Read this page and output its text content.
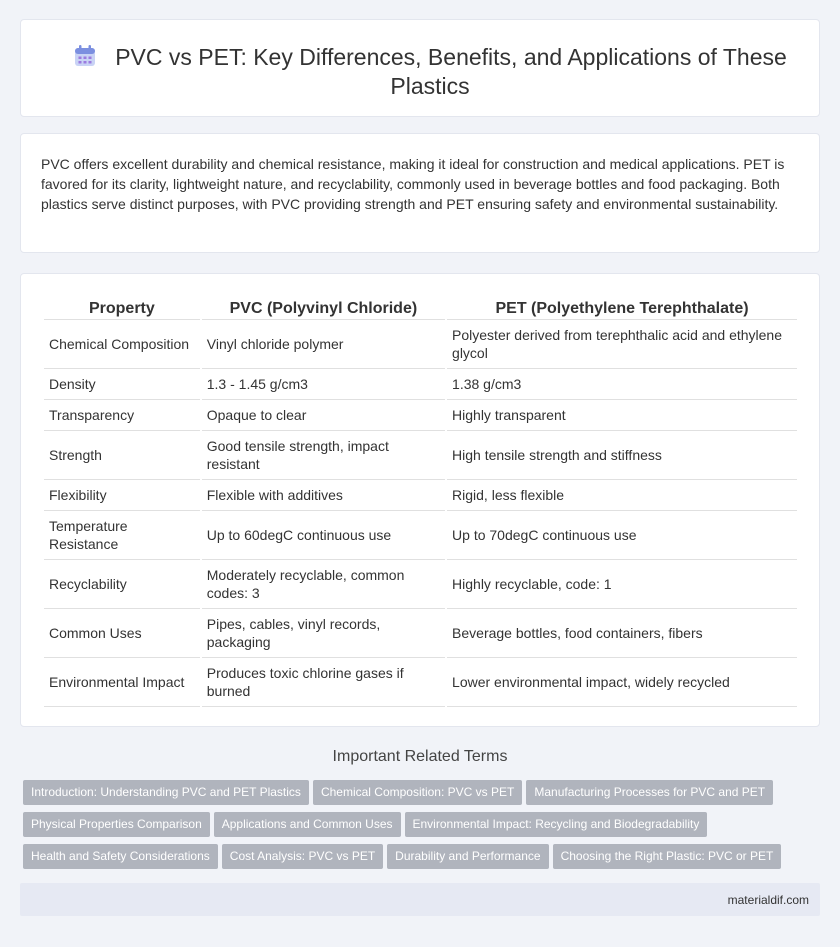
PVC vs PET: Key Differences, Benefits, and Applications of These Plastics

PVC offers excellent durability and chemical resistance, making it ideal for construction and medical applications. PET is favored for its clarity, lightweight nature, and recyclability, commonly used in beverage bottles and food packaging. Both plastics serve distinct purposes, with PVC providing strength and PET ensuring safety and environmental sustainability.

Property	PVC (Polyvinyl Chloride)	PET (Polyethylene Terephthalate)
Chemical Composition	Vinyl chloride polymer	Polyester derived from terephthalic acid and ethylene glycol
Density	1.3 - 1.45 g/cm3	1.38 g/cm3
Transparency	Opaque to clear	Highly transparent
Strength	Good tensile strength, impact resistant	High tensile strength and stiffness
Flexibility	Flexible with additives	Rigid, less flexible
Temperature Resistance	Up to 60degC continuous use	Up to 70degC continuous use
Recyclability	Moderately recyclable, common codes: 3	Highly recyclable, code: 1
Common Uses	Pipes, cables, vinyl records, packaging	Beverage bottles, food containers, fibers
Environmental Impact	Produces toxic chlorine gases if burned	Lower environmental impact, widely recycled
Important Related Terms
Introduction: Understanding PVC and PET Plastics Chemical Composition: PVC vs PET Manufacturing Processes for PVC and PET
Physical Properties Comparison Applications and Common Uses Environmental Impact: Recycling and Biodegradability
Health and Safety Considerations Cost Analysis: PVC vs PET Durability and Performance Choosing the Right Plastic: PVC or PET
materialdif.com
